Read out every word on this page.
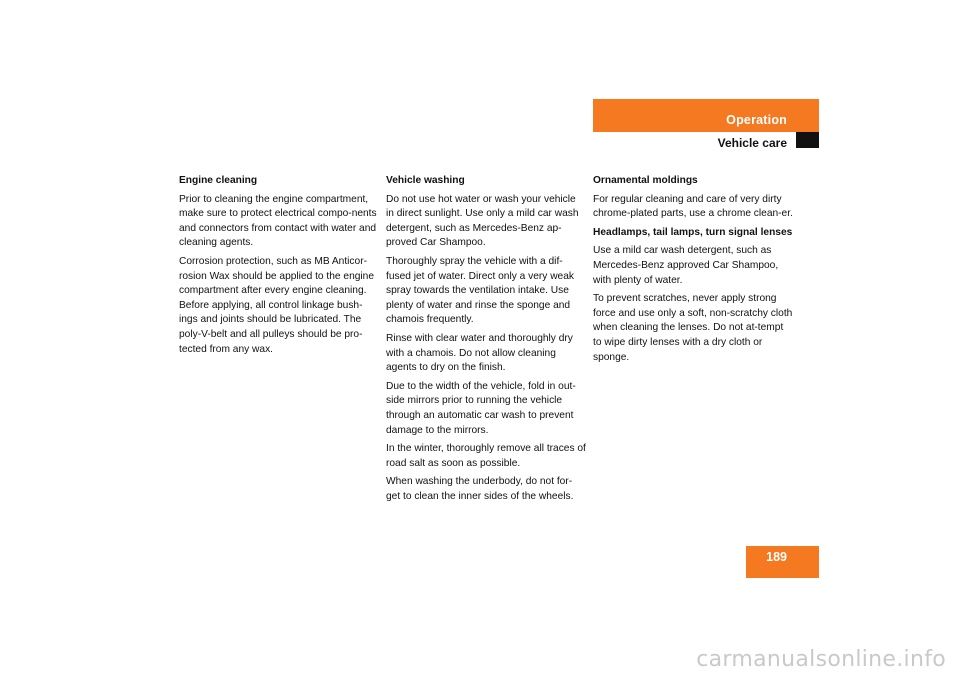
Operation
Vehicle care
Engine cleaning

Prior to cleaning the engine compartment, make sure to protect electrical compo-nents and connectors from contact with water and cleaning agents.

Corrosion protection, such as MB Anticor-rosion Wax should be applied to the engine compartment after every engine cleaning. Before applying, all control linkage bush-ings and joints should be lubricated. The poly-V-belt and all pulleys should be pro-tected from any wax.

Vehicle washing

Do not use hot water or wash your vehicle in direct sunlight. Use only a mild car wash detergent, such as Mercedes-Benz ap-proved Car Shampoo.

Thoroughly spray the vehicle with a dif-fused jet of water. Direct only a very weak spray towards the ventilation intake. Use plenty of water and rinse the sponge and chamois frequently.

Rinse with clear water and thoroughly dry with a chamois. Do not allow cleaning agents to dry on the finish.

Due to the width of the vehicle, fold in out-side mirrors prior to running the vehicle through an automatic car wash to prevent damage to the mirrors.

In the winter, thoroughly remove all traces of road salt as soon as possible.

When washing the underbody, do not for-get to clean the inner sides of the wheels.

Ornamental moldings

For regular cleaning and care of very dirty chrome-plated parts, use a chrome clean-er.

Headlamps, tail lamps, turn signal lenses

Use a mild car wash detergent, such as Mercedes-Benz approved Car Shampoo, with plenty of water.

To prevent scratches, never apply strong force and use only a soft, non-scratchy cloth when cleaning the lenses. Do not at-tempt to wipe dirty lenses with a dry cloth or sponge.

189
carmanualsonline.info
